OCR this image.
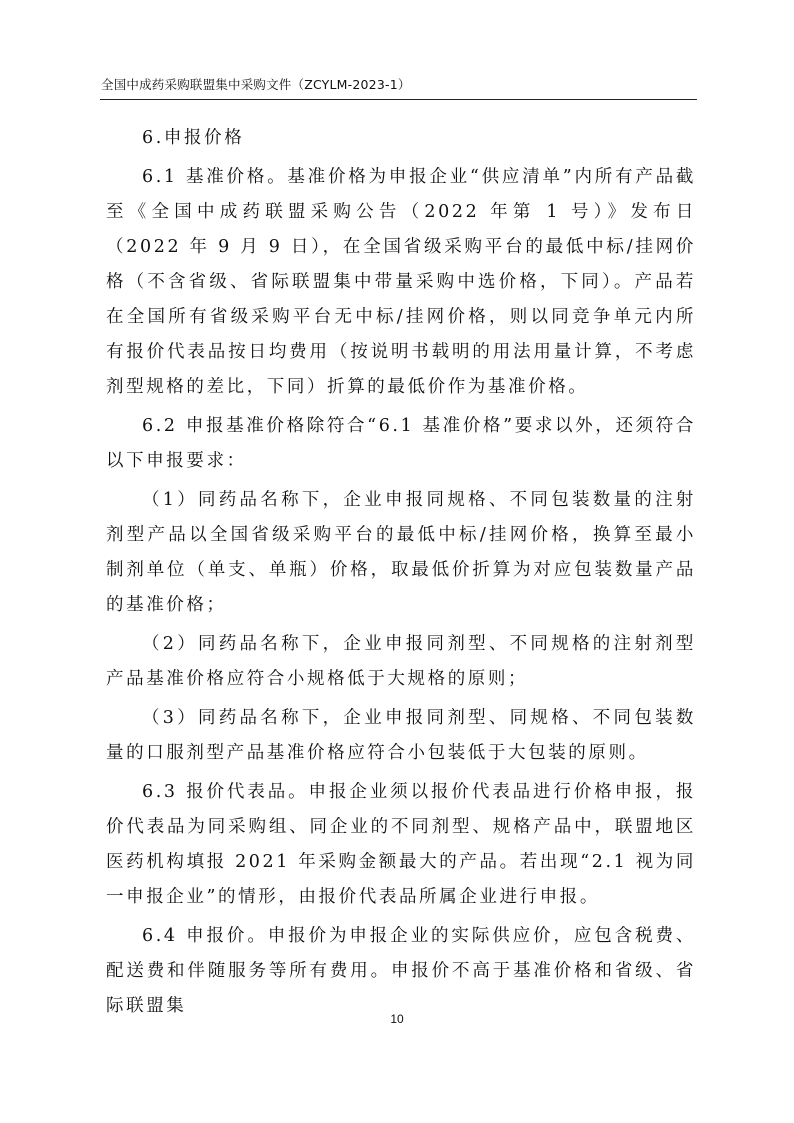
全国中成药采购联盟集中采购文件（ZCYLM-2023-1）

6.申报价格

6.1 基准价格。基准价格为申报企业“供应清单”内所有产品截至《全国中成药联盟采购公告（2022 年第 1 号）》发布日（2022 年 9 月 9 日），在全国省级采购平台的最低中标/挂网价格（不含省级、省际联盟集中带量采购中选价格，下同）。产品若在全国所有省级采购平台无中标/挂网价格，则以同竞争单元内所有报价代表品按日均费用（按说明书载明的用法用量计算，不考虑剂型规格的差比，下同）折算的最低价作为基准价格。

6.2 申报基准价格除符合“6.1 基准价格”要求以外，还须符合以下申报要求：

（1）同药品名称下，企业申报同规格、不同包装数量的注射剂型产品以全国省级采购平台的最低中标/挂网价格，换算至最小制剂单位（单支、单瓶）价格，取最低价折算为对应包装数量产品的基准价格；

（2）同药品名称下，企业申报同剂型、不同规格的注射剂型产品基准价格应符合小规格低于大规格的原则；

（3）同药品名称下，企业申报同剂型、同规格、不同包装数量的口服剂型产品基准价格应符合小包装低于大包装的原则。

6.3 报价代表品。申报企业须以报价代表品进行价格申报，报价代表品为同采购组、同企业的不同剂型、规格产品中，联盟地区医药机构填报 2021 年采购金额最大的产品。若出现“2.1 视为同一申报企业”的情形，由报价代表品所属企业进行申报。

6.4 申报价。申报价为申报企业的实际供应价，应包含税费、配送费和伴随服务等所有费用。申报价不高于基准价格和省级、省际联盟集

10
